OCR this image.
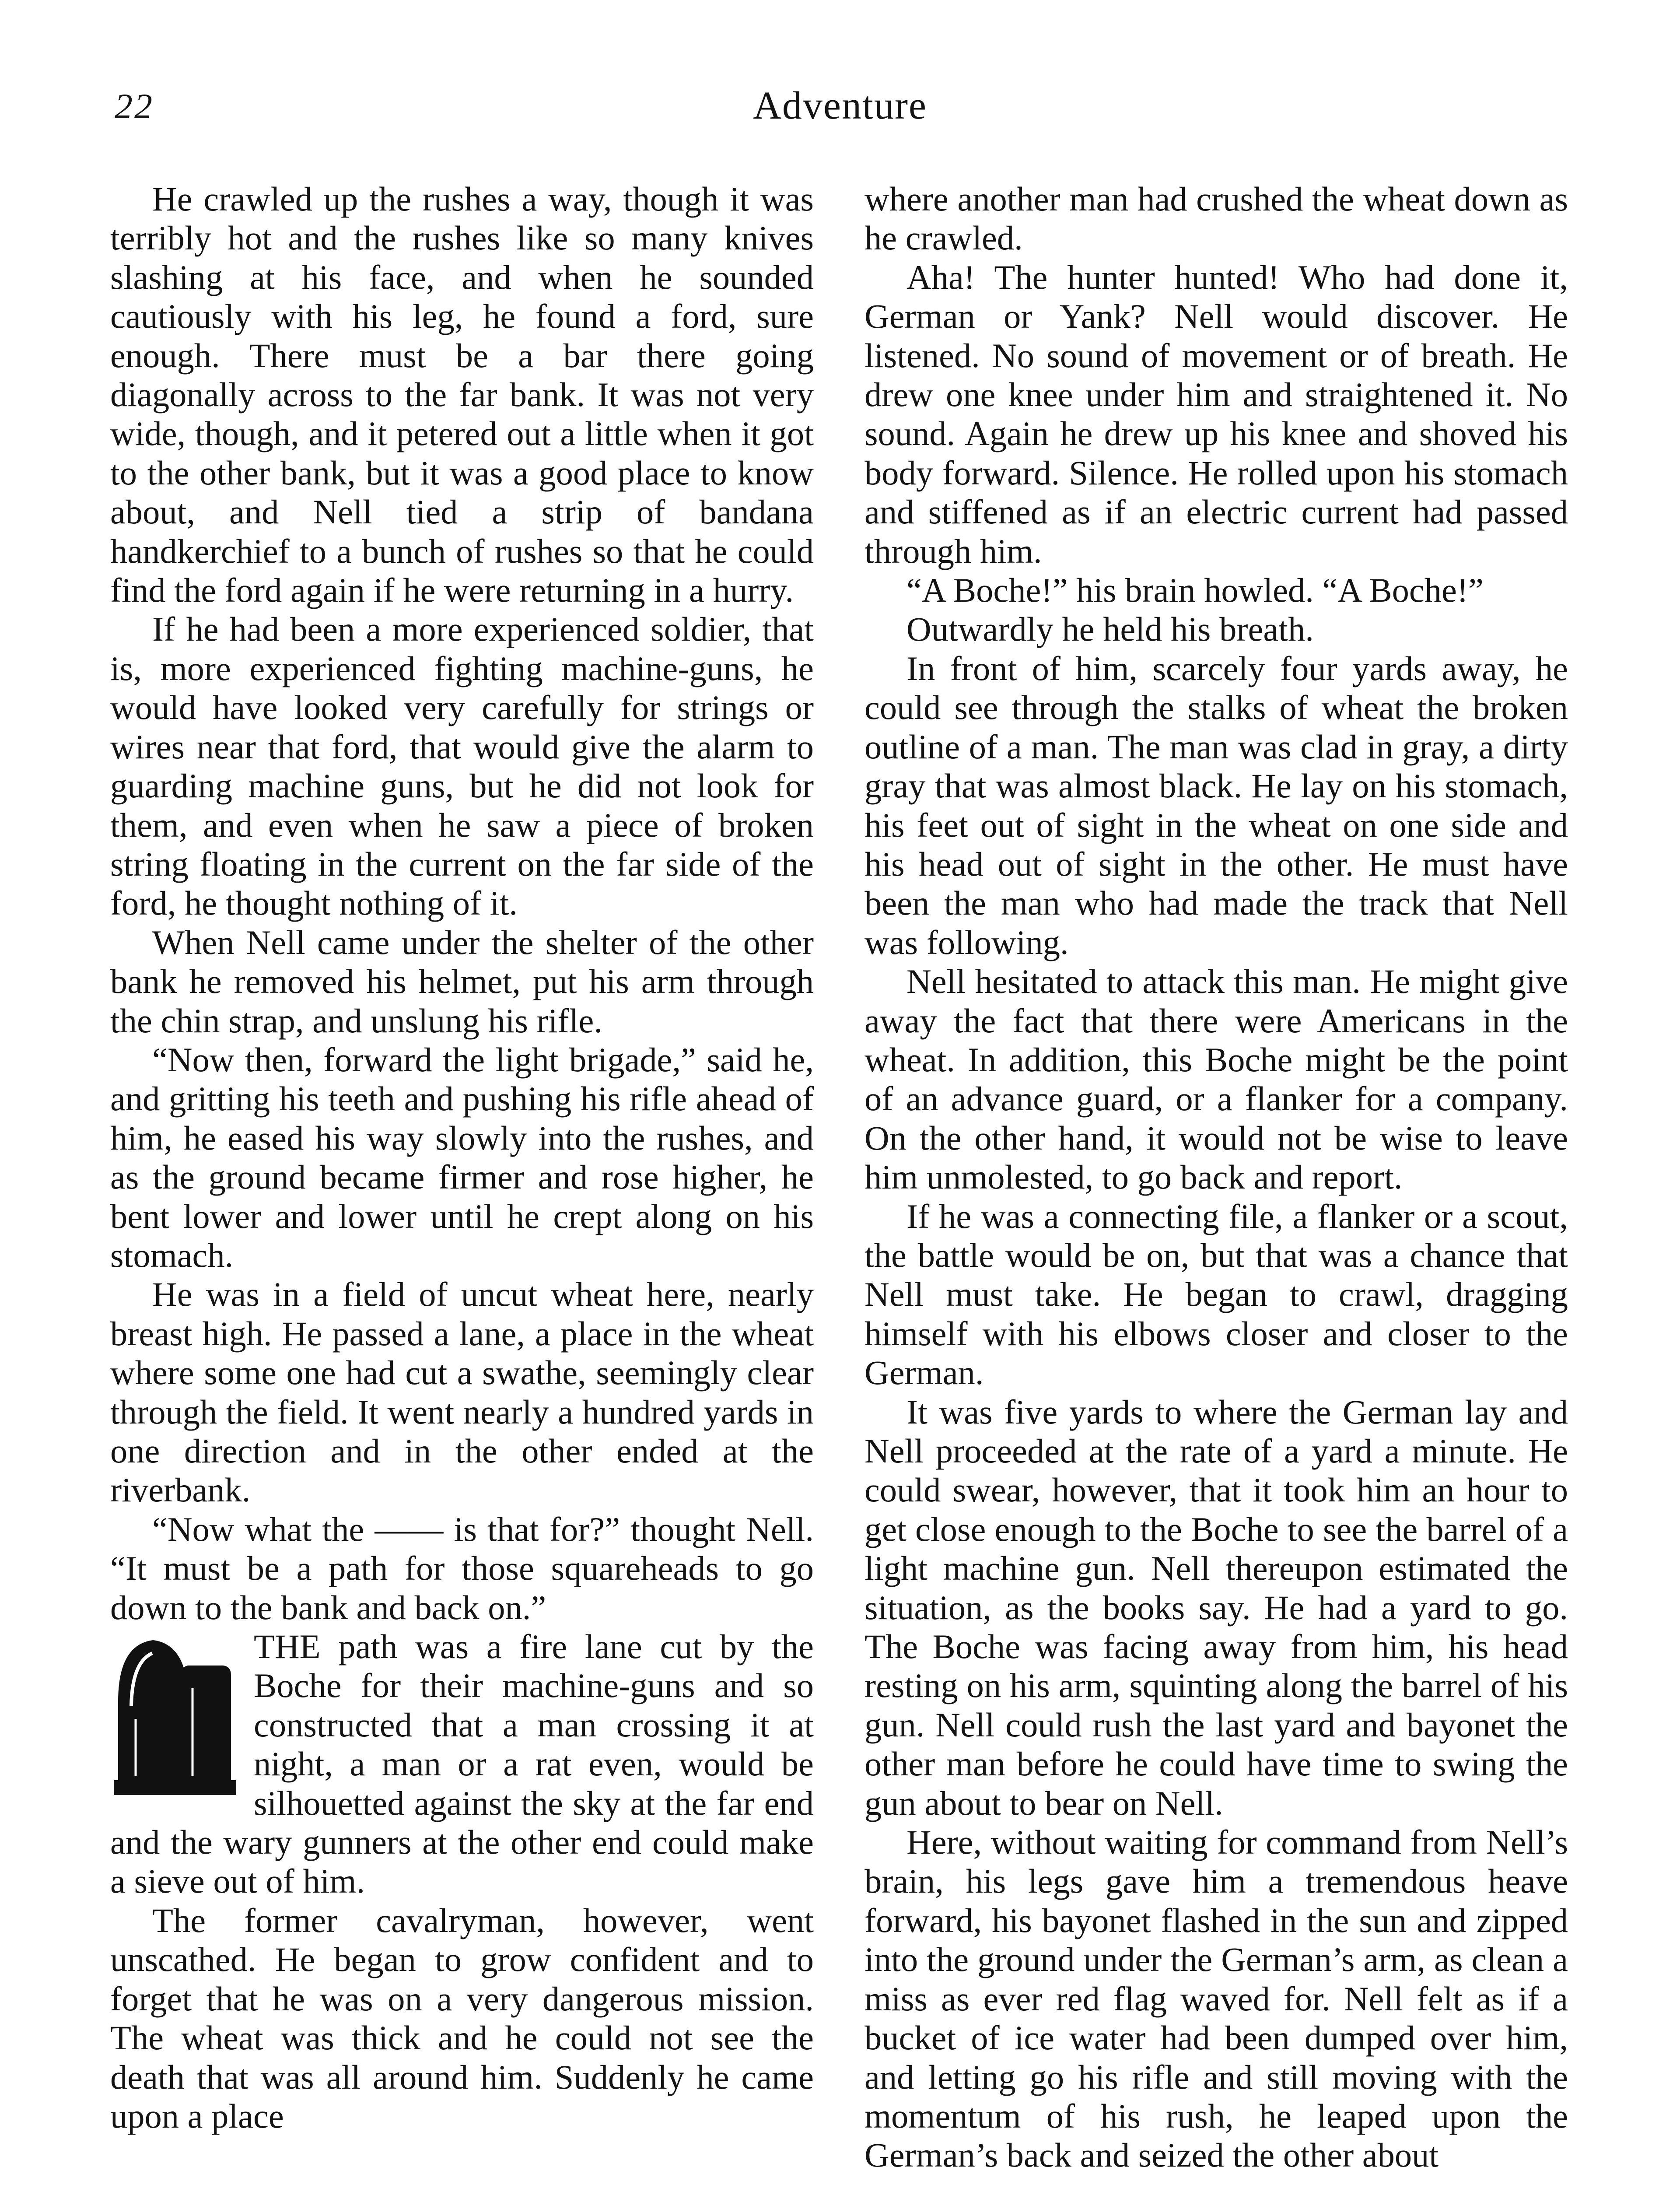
22	Adventure

He crawled up the rushes a way, though it was terribly hot and the rushes like so many knives slashing at his face, and when he sounded cautiously with his leg, he found a ford, sure enough. There must be a bar there going diagonally across to the far bank. It was not very wide, though, and it petered out a little when it got to the other bank, but it was a good place to know about, and Nell tied a strip of bandana handkerchief to a bunch of rushes so that he could find the ford again if he were returning in a hurry.

If he had been a more experienced soldier, that is, more experienced fighting machine-guns, he would have looked very carefully for strings or wires near that ford, that would give the alarm to guarding machine guns, but he did not look for them, and even when he saw a piece of broken string floating in the current on the far side of the ford, he thought nothing of it.

When Nell came under the shelter of the other bank he removed his helmet, put his arm through the chin strap, and unslung his rifle.

“Now then, forward the light brigade,” said he, and gritting his teeth and pushing his rifle ahead of him, he eased his way slowly into the rushes, and as the ground became firmer and rose higher, he bent lower and lower until he crept along on his stomach.

He was in a field of uncut wheat here, nearly breast high. He passed a lane, a place in the wheat where some one had cut a swathe, seemingly clear through the field. It went nearly a hundred yards in one direction and in the other ended at the riverbank.

“Now what the —— is that for?” thought Nell. “It must be a path for those squareheads to go down to the bank and back on.”

THE path was a fire lane cut by the Boche for their machine-guns and so constructed that a man crossing it at night, a man or a rat even, would be silhouetted against the sky at the far end and the wary gunners at the other end could make a sieve out of him.

The former cavalryman, however, went unscathed. He began to grow confident and to forget that he was on a very dangerous mission. The wheat was thick and he could not see the death that was all around him. Suddenly he came upon a place

where another man had crushed the wheat down as he crawled.

Aha! The hunter hunted! Who had done it, German or Yank? Nell would discover. He listened. No sound of movement or of breath. He drew one knee under him and straightened it. No sound. Again he drew up his knee and shoved his body forward. Silence. He rolled upon his stomach and stiffened as if an electric current had passed through him.

“A Boche!” his brain howled. “A Boche!”

Outwardly he held his breath.

In front of him, scarcely four yards away, he could see through the stalks of wheat the broken outline of a man. The man was clad in gray, a dirty gray that was almost black. He lay on his stomach, his feet out of sight in the wheat on one side and his head out of sight in the other. He must have been the man who had made the track that Nell was following.

Nell hesitated to attack this man. He might give away the fact that there were Americans in the wheat. In addition, this Boche might be the point of an advance guard, or a flanker for a company. On the other hand, it would not be wise to leave him unmolested, to go back and report.

If he was a connecting file, a flanker or a scout, the battle would be on, but that was a chance that Nell must take. He began to crawl, dragging himself with his elbows closer and closer to the German.

It was five yards to where the German lay and Nell proceeded at the rate of a yard a minute. He could swear, however, that it took him an hour to get close enough to the Boche to see the barrel of a light machine gun. Nell thereupon estimated the situation, as the books say. He had a yard to go. The Boche was facing away from him, his head resting on his arm, squinting along the barrel of his gun. Nell could rush the last yard and bayonet the other man before he could have time to swing the gun about to bear on Nell.

Here, without waiting for command from Nell’s brain, his legs gave him a tremendous heave forward, his bayonet flashed in the sun and zipped into the ground under the German’s arm, as clean a miss as ever red flag waved for. Nell felt as if a bucket of ice water had been dumped over him, and letting go his rifle and still moving with the momentum of his rush, he leaped upon the German’s back and seized the other about
